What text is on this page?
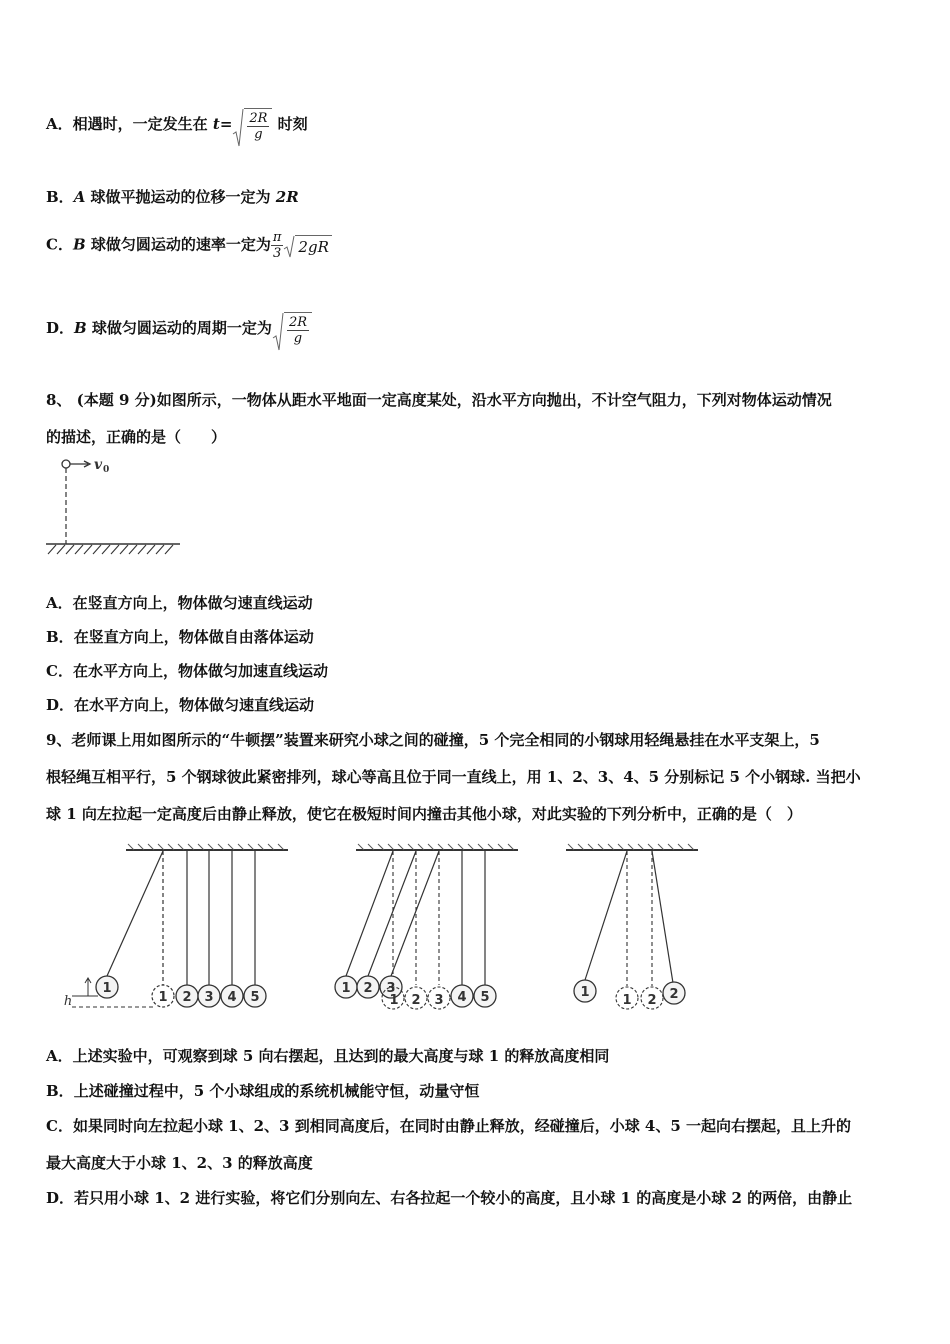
A．相遇时，一定发生在 $t= \frac{2R}{g}$ 时刻
B．A 球做平抛运动的位移一定为 2R
C．B 球做匀圆运动的速率一定为 $\frac{\pi}{3} 2gR$
D．B 球做匀圆运动的周期一定为 $\frac{2R}{g}$
8、 (本题 9 分)如图所示，一物体从距水平地面一定高度某处，沿水平方向抛出，不计空气阻力，下列对物体运动情况
的描述，正确的是（　　）
v 0
A．在竖直方向上，物体做匀速直线运动
B．在竖直方向上，物体做自由落体运动
C．在水平方向上，物体做匀加速直线运动
D．在水平方向上，物体做匀速直线运动
9、老师课上用如图所示的“牛顿摆”装置来研究小球之间的碰撞，5 个完全相同的小钢球用轻绳悬挂在水平支架上，5
根轻绳互相平行，5 个钢球彼此紧密排列，球心等高且位于同一直线上，用 1、2、3、4、5 分别标记 5 个小钢球. 当把小
球 1 向左拉起一定高度后由静止释放，使它在极短时间内撞击其他小球，对此实验的下列分析中，正确的是（　）
1
1 2 3 4 5
h
1 2 3
1 2 3 4 5	1
1 2 2
A．上述实验中，可观察到球 5 向右摆起，且达到的最大高度与球 1 的释放高度相同
B．上述碰撞过程中，5 个小球组成的系统机械能守恒，动量守恒
C．如果同时向左拉起小球 1、2、3 到相同高度后，在同时由静止释放，经碰撞后，小球 4、5 一起向右摆起，且上升的
最大高度大于小球 1、2、3 的释放高度
D．若只用小球 1、2 进行实验，将它们分别向左、右各拉起一个较小的高度，且小球 1 的高度是小球 2 的两倍，由静止
